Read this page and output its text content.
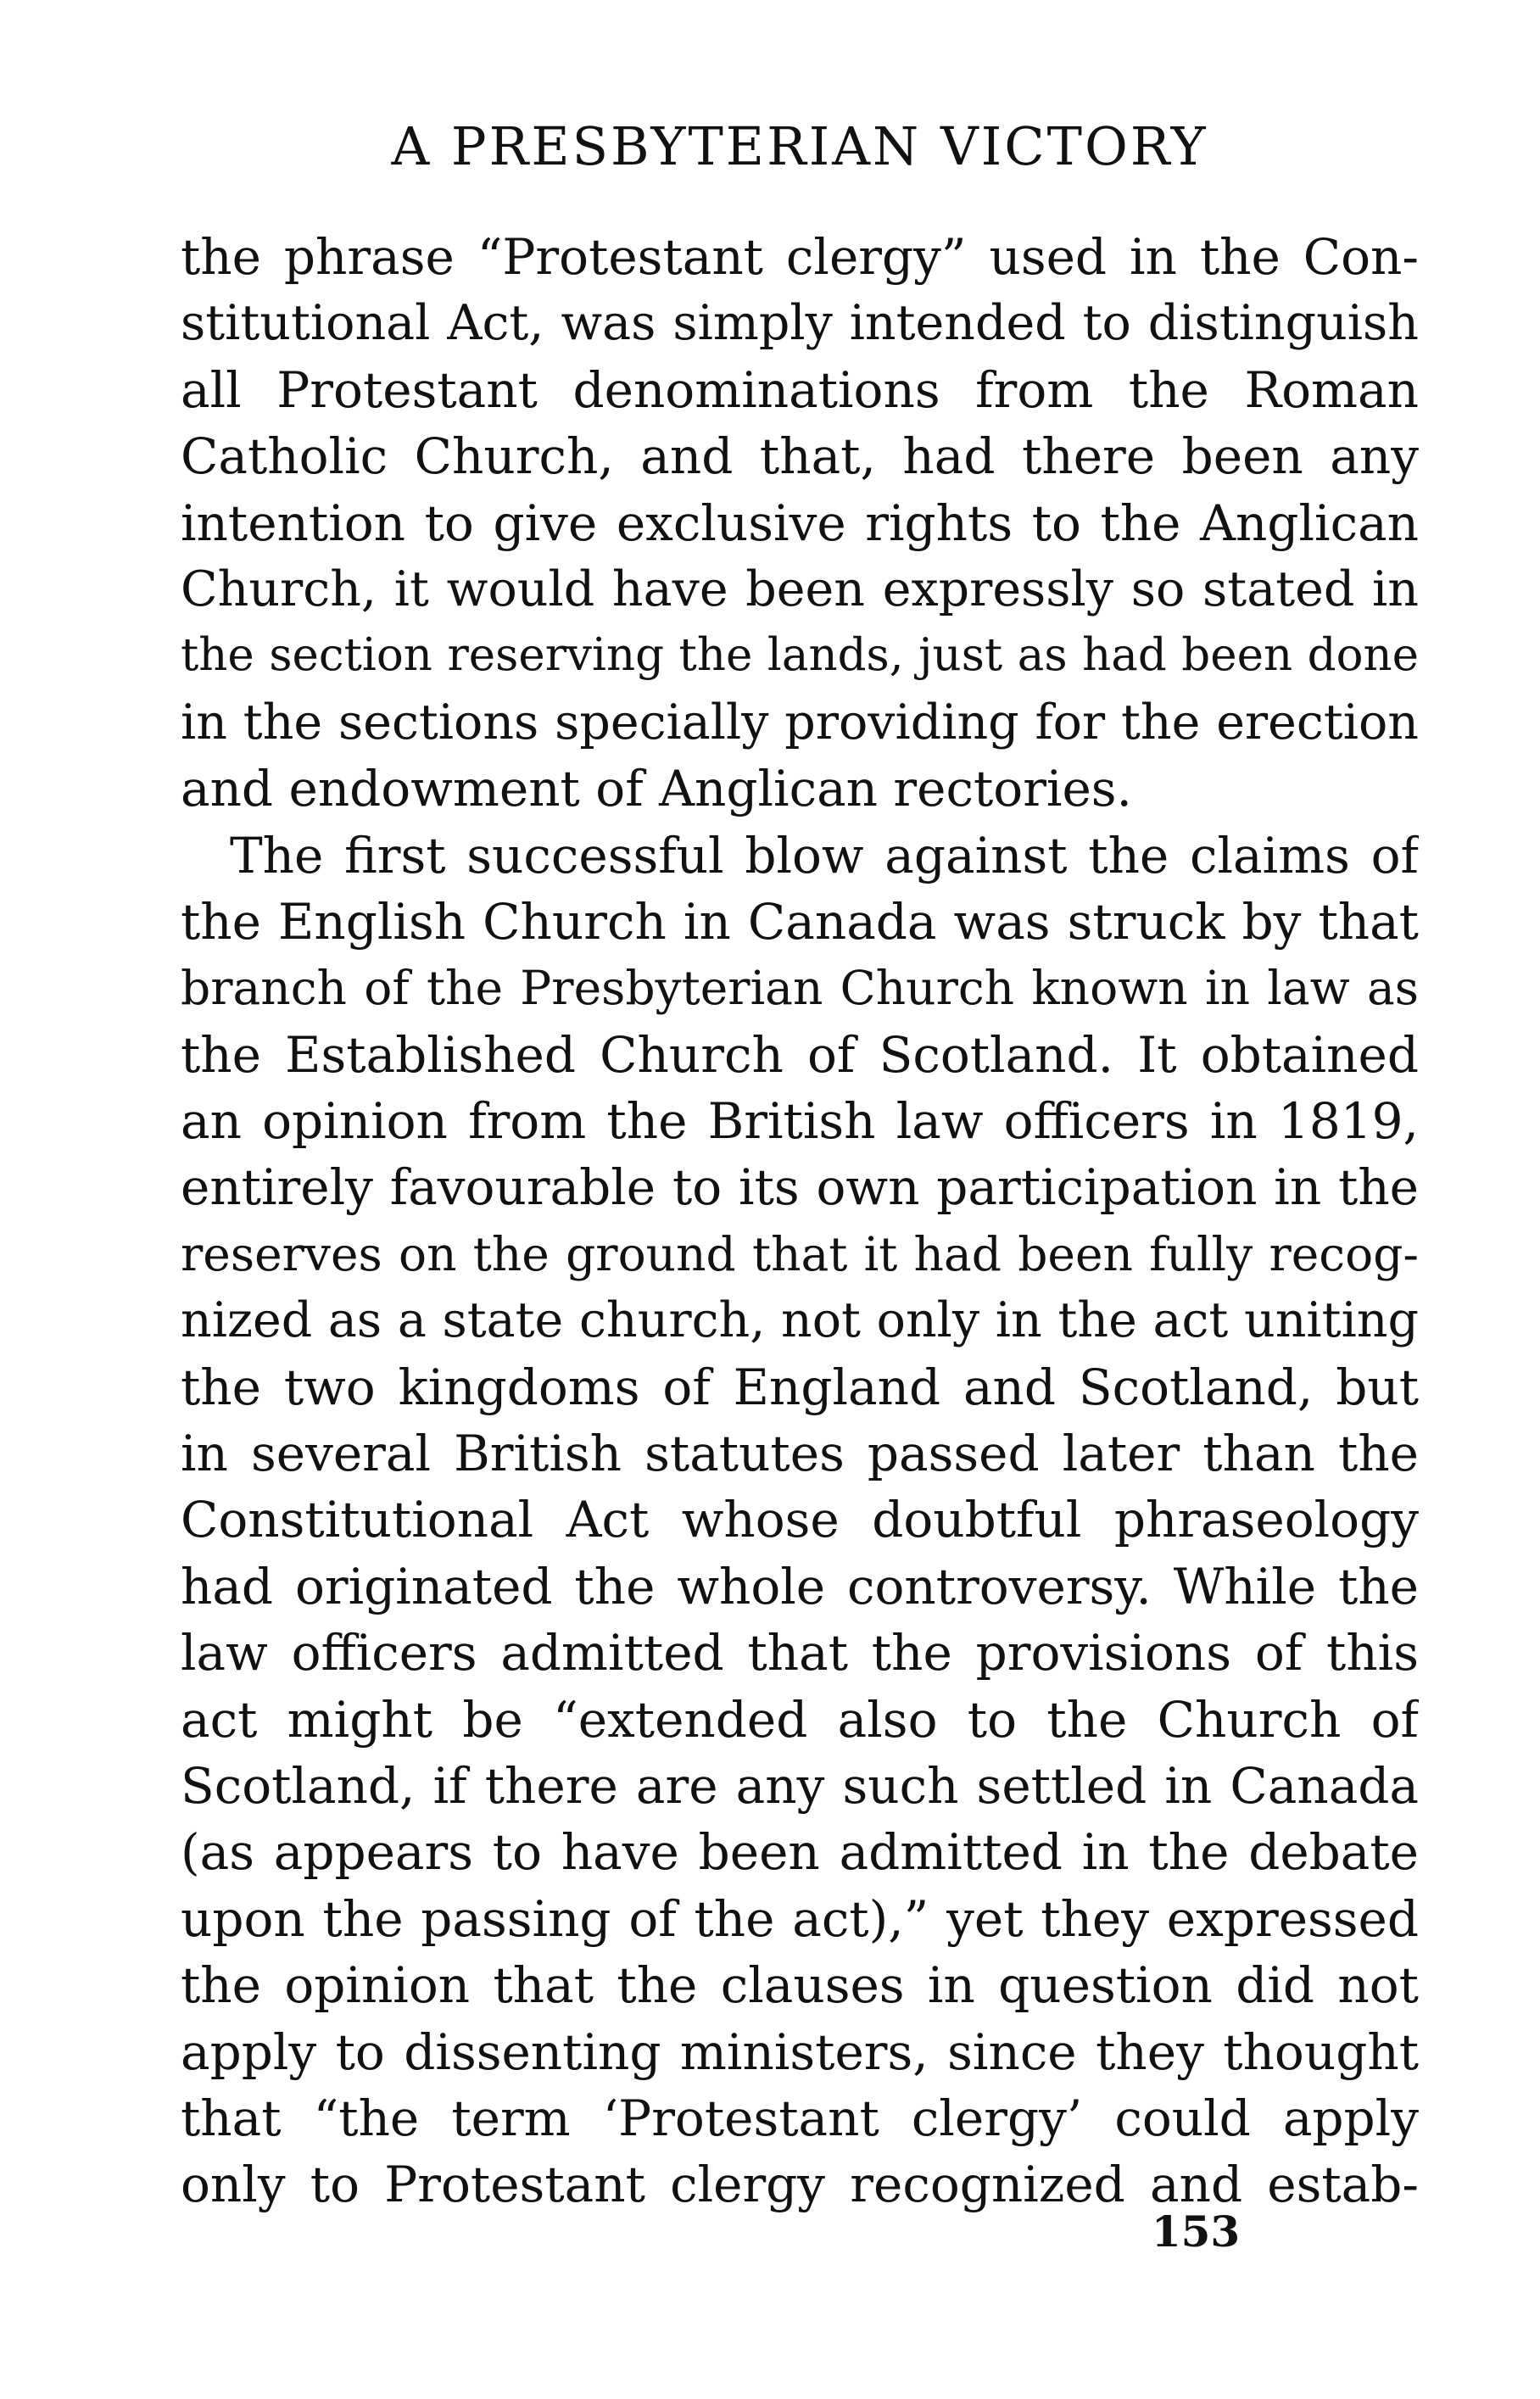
A PRESBYTERIAN VICTORY
the phrase “Protestant clergy” used in the Con-
stitutional Act, was simply intended to distinguish
all Protestant denominations from the Roman
Catholic Church, and that, had there been any
intention to give exclusive rights to the Anglican
Church, it would have been expressly so stated in
the section reserving the lands, just as had been done
in the sections specially providing for the erection
and endowment of Anglican rectories.
The first successful blow against the claims of
the English Church in Canada was struck by that
branch of the Presbyterian Church known in law as
the Established Church of Scotland. It obtained
an opinion from the British law officers in 1819,
entirely favourable to its own participation in the
reserves on the ground that it had been fully recog-
nized as a state church, not only in the act uniting
the two kingdoms of England and Scotland, but
in several British statutes passed later than the
Constitutional Act whose doubtful phraseology
had originated the whole controversy. While the
law officers admitted that the provisions of this
act might be “extended also to the Church of
Scotland, if there are any such settled in Canada
(as appears to have been admitted in the debate
upon the passing of the act),” yet they expressed
the opinion that the clauses in question did not
apply to dissenting ministers, since they thought
that “the term ‘Protestant clergy’ could apply
only to Protestant clergy recognized and estab-
153
